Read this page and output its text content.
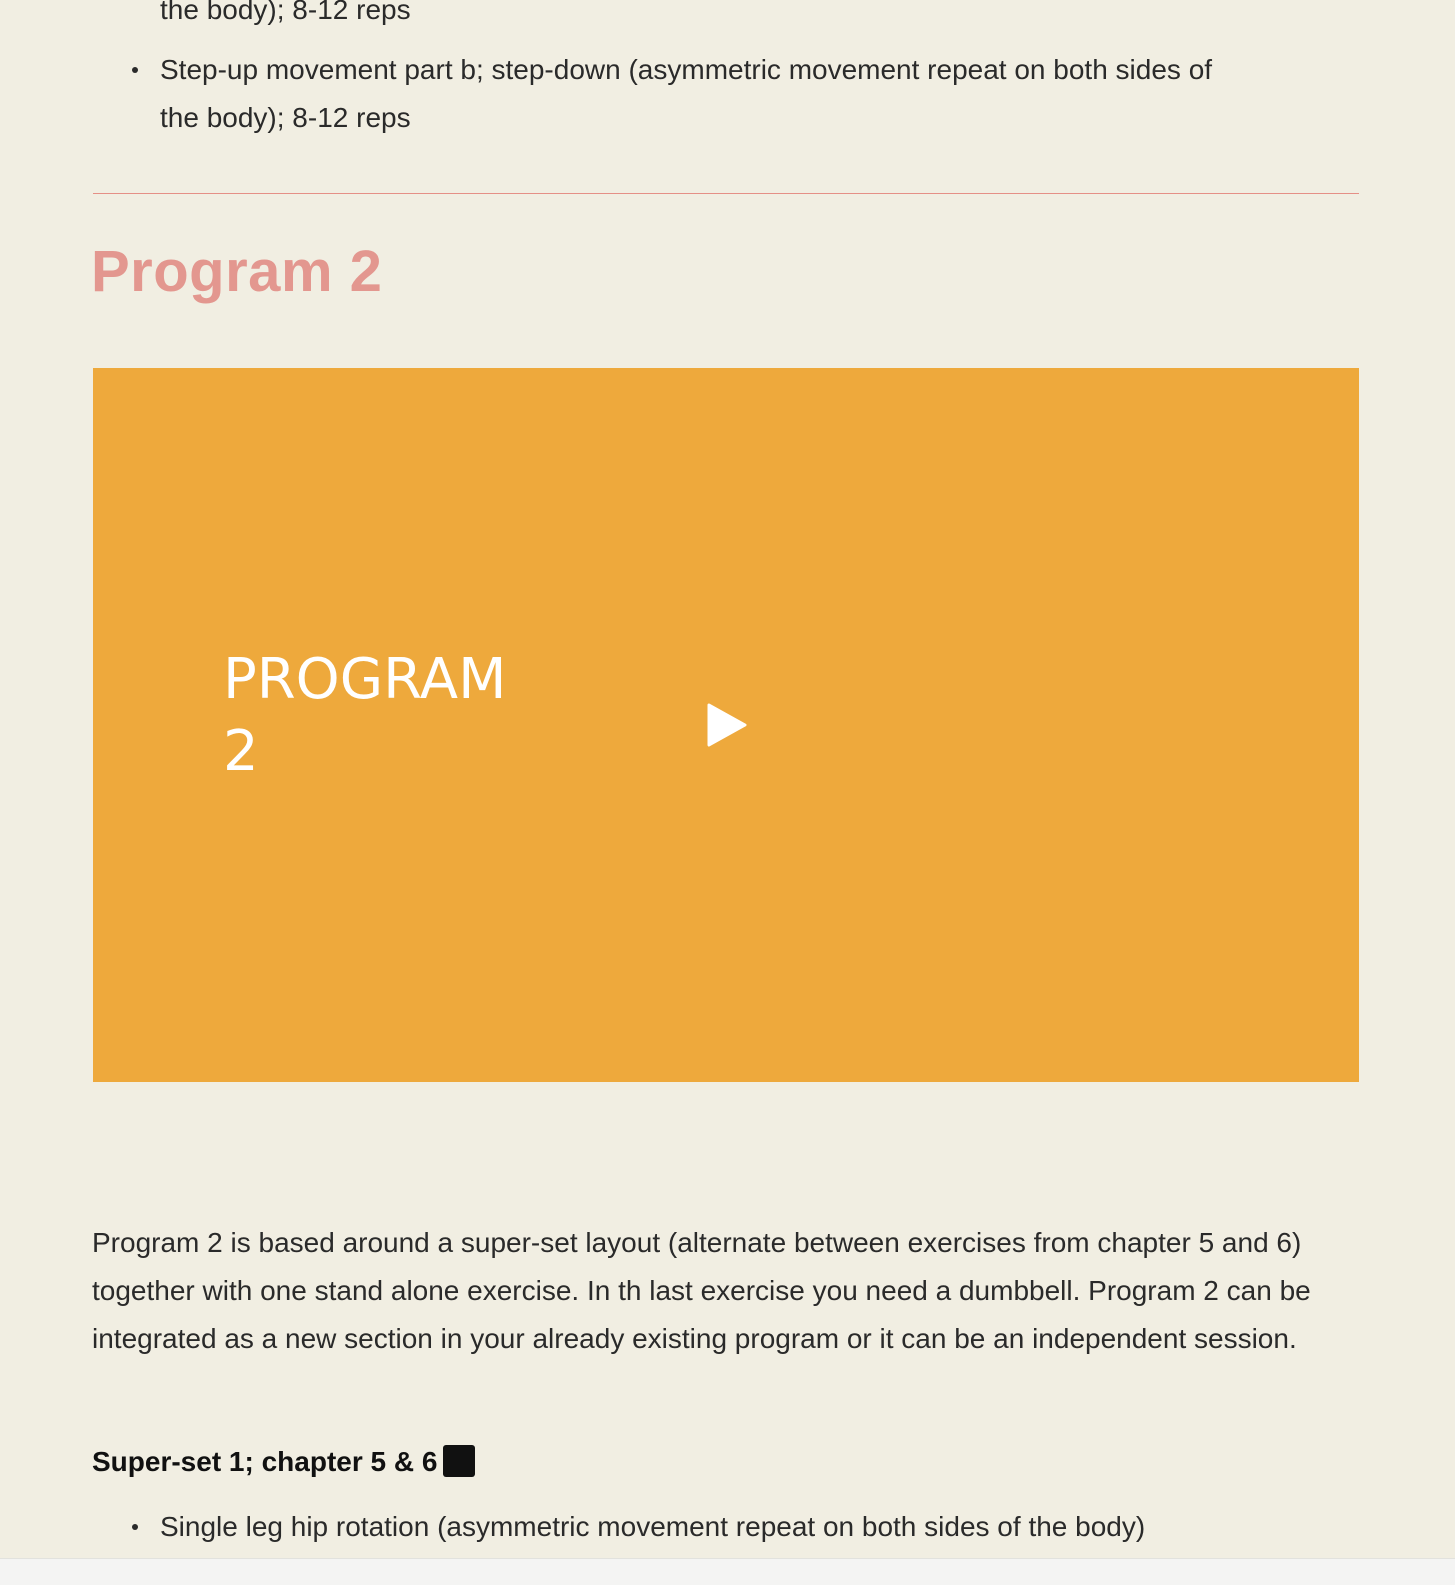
the body); 8-12 reps
Step-up movement part b; step-down (asymmetric movement repeat on both sides of
the body); 8-12 reps
Program 2
PROGRAM 2

Program 2 is based around a super-set layout (alternate between exercises from chapter 5 and 6) together with one stand alone exercise. In th last exercise you need a dumbbell. Program 2 can be integrated as a new section in your already existing program or it can be an independent session.

Super-set 1; chapter 5 & 6
Single leg hip rotation (asymmetric movement repeat on both sides of the body)
